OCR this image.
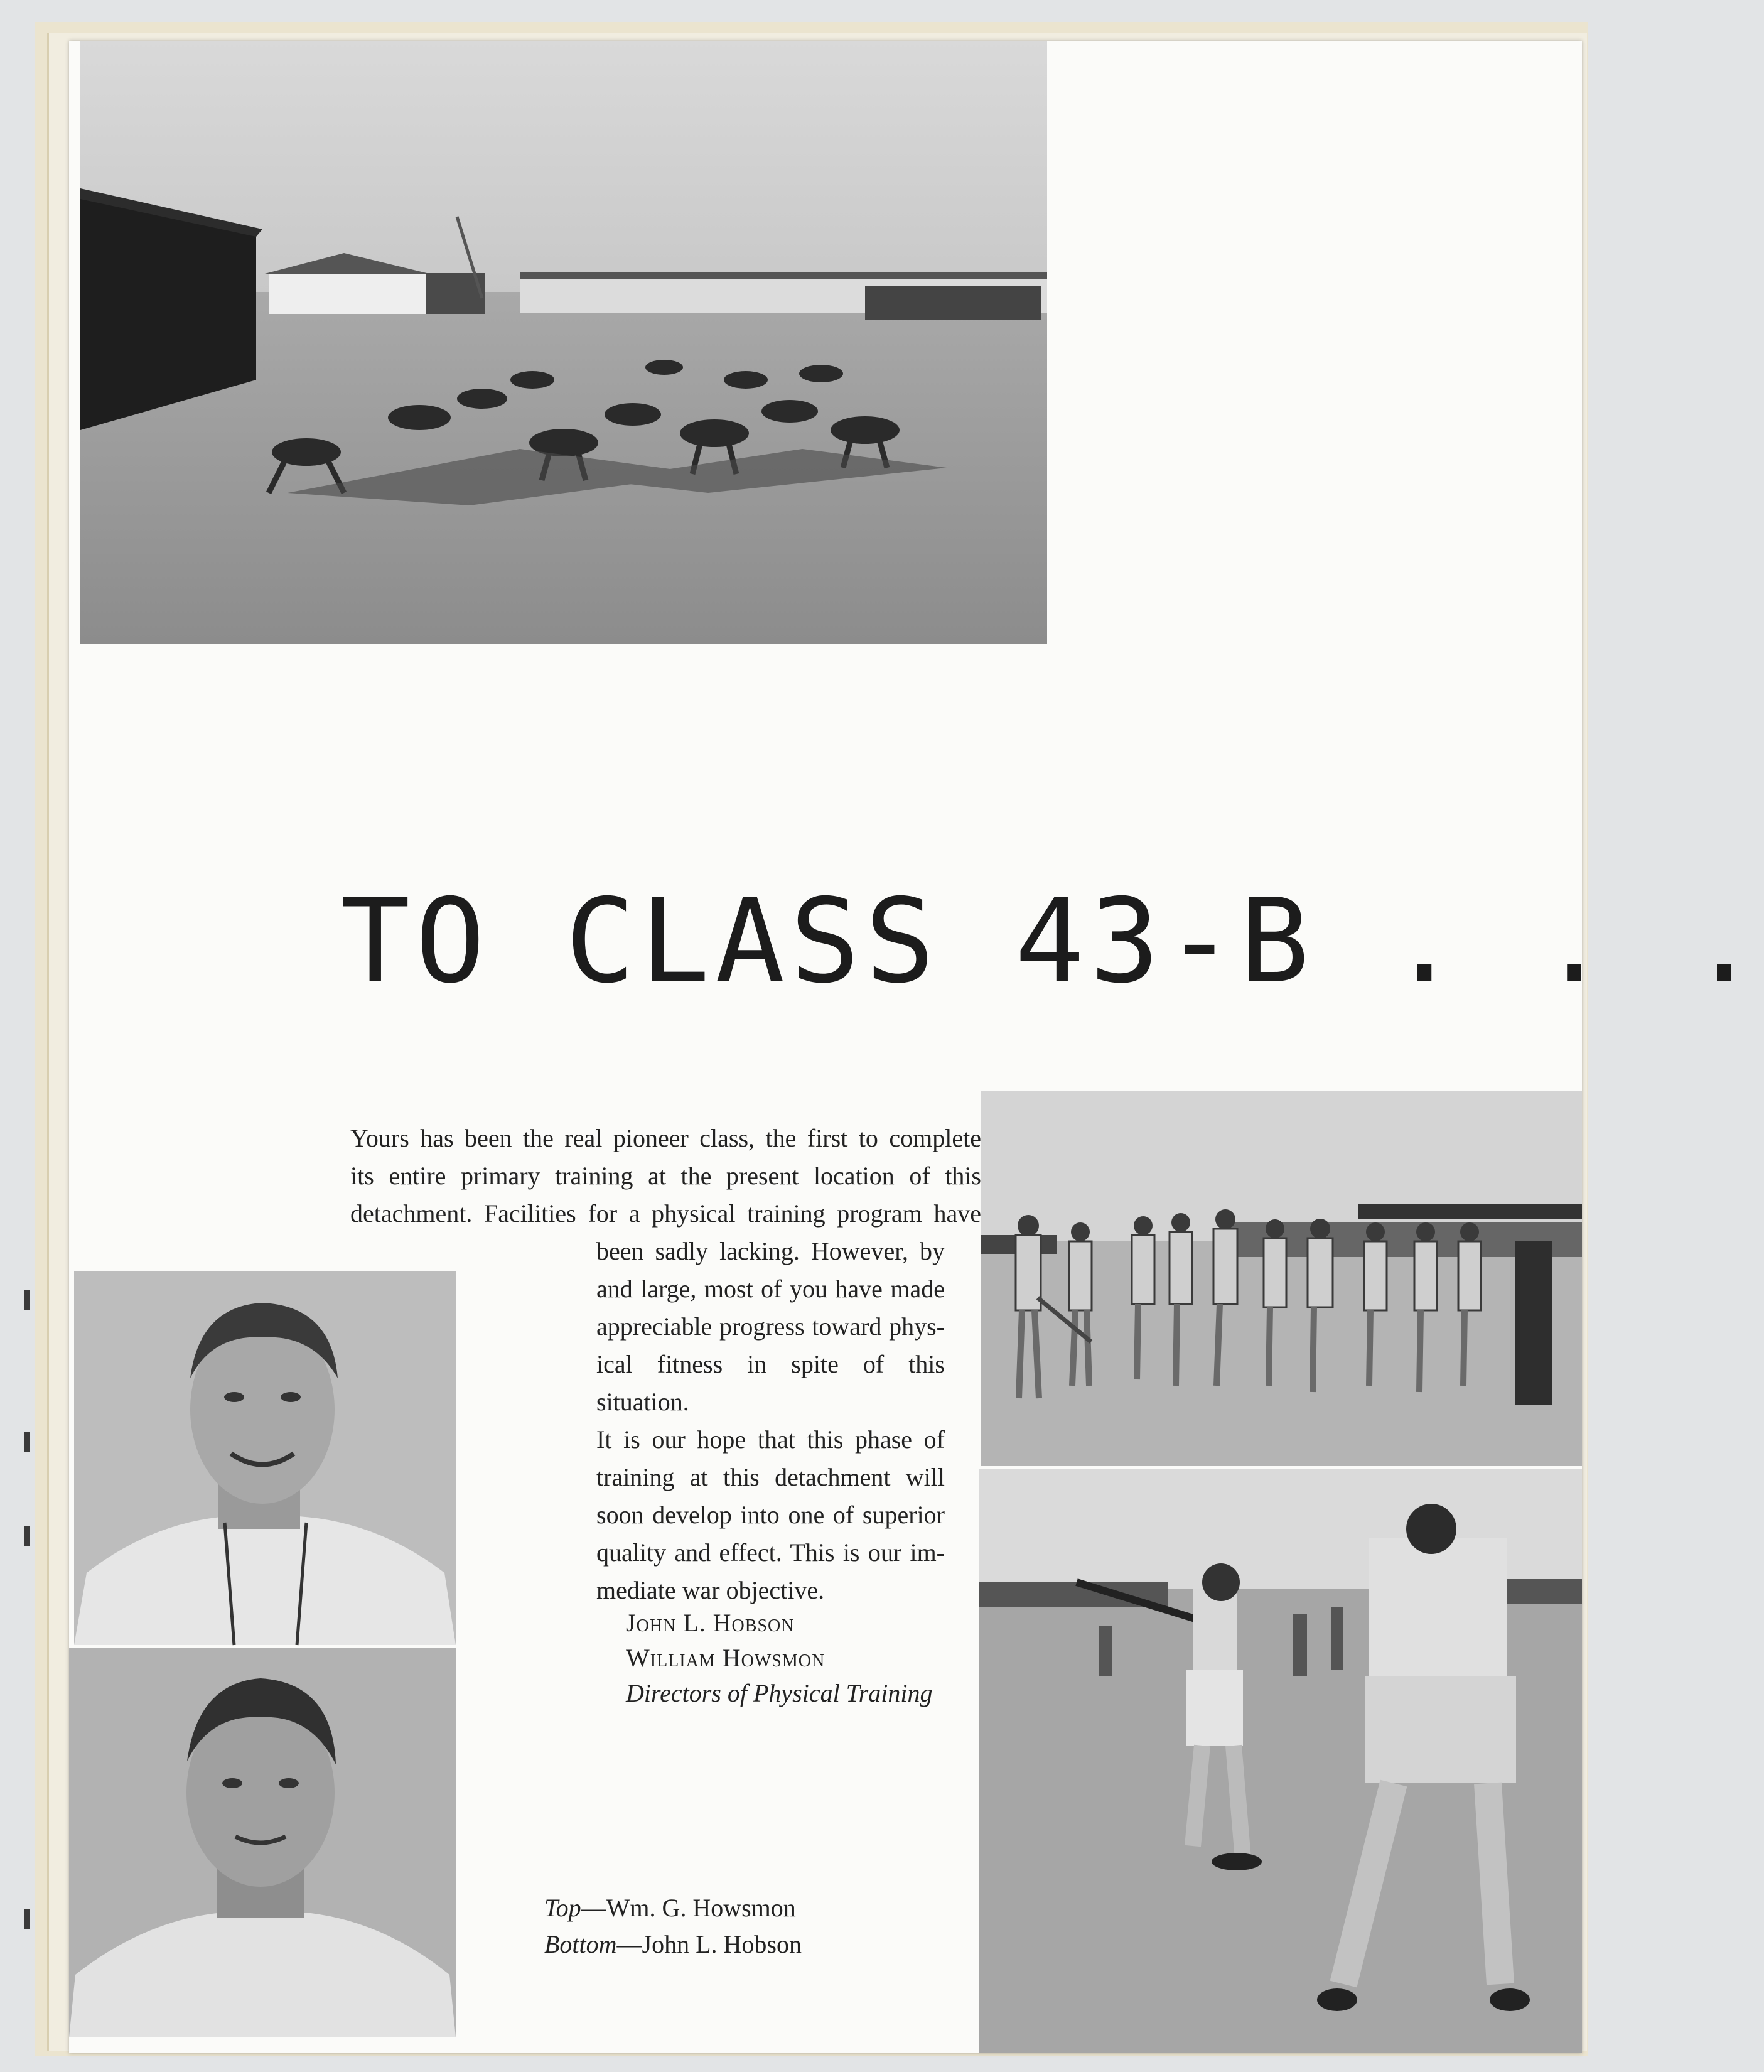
TO CLASS 43-B . . .

Yours has been the real pioneer class, the first to complete
its entire primary training at the present location of this
detachment. Facilities for a physical training program have

been sadly lacking. However, by
and large, most of you have made
appreciable progress toward phys-
ical fitness in spite of this situation.
It is our hope that this phase of
training at this detachment will
soon develop into one of superior
quality and effect. This is our im-
mediate war objective.

John L. Hobson
William Howsmon
Directors of Physical Training
Top—Wm. G. Howsmon
Bottom—John L. Hobson
